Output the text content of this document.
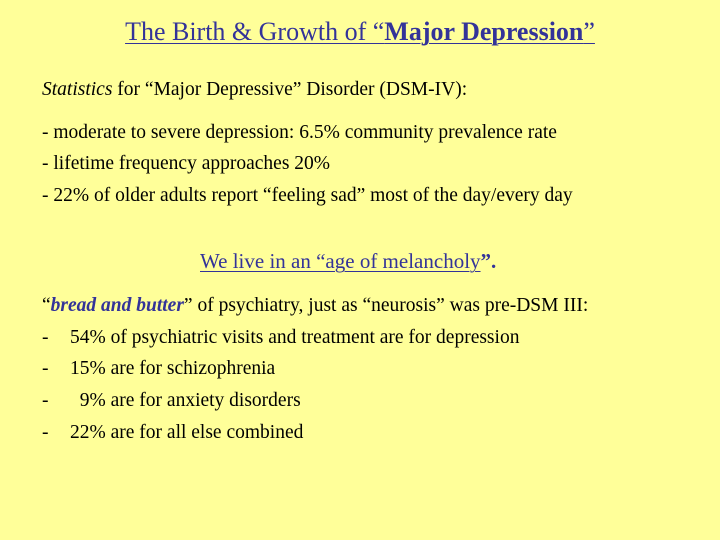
The Birth & Growth of “Major Depression”
Statistics for “Major Depressive” Disorder (DSM-IV):
- moderate to severe depression: 6.5% community prevalence rate
- lifetime frequency approaches 20%
- 22% of older adults report “feeling sad” most of the day/every day
We live in an “age of melancholy”.
“bread and butter” of psychiatry, just as “neurosis” was pre-DSM III:
- 54% of psychiatric visits and treatment are for depression
- 15% are for schizophrenia
-  9% are for anxiety disorders
- 22% are for all else combined
